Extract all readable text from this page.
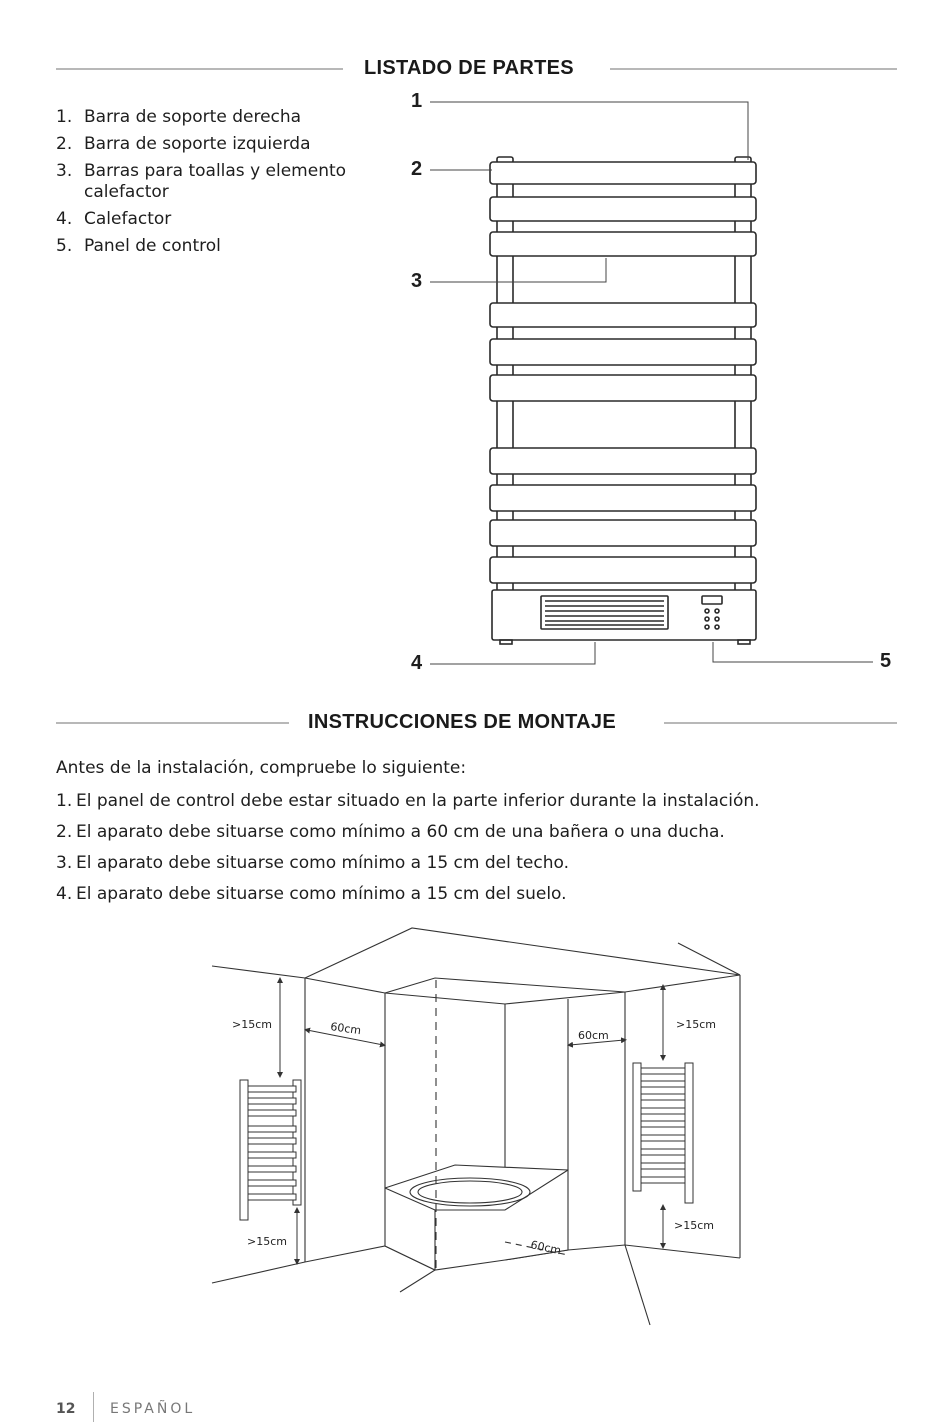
LISTADO DE PARTES
1. Barra de soporte derecha
2. Barra de soporte izquierda
3. Barras para toallas y elemento calefactor
4. Calefactor
5. Panel de control
1
2
3
4	5
INSTRUCCIONES DE MONTAJE
Antes de la instalación, compruebe lo siguiente:
1. El panel de control debe estar situado en la parte inferior durante la instalación.
2. El aparato debe situarse como mínimo a 60 cm de una bañera o una ducha.
3. El aparato debe situarse como mínimo a 15 cm del techo.
4. El aparato debe situarse como mínimo a 15 cm del suelo.
>15cm
>15cm
60cm	60cm
>15cm
>15cm
60cm
12 ESPAÑOL
